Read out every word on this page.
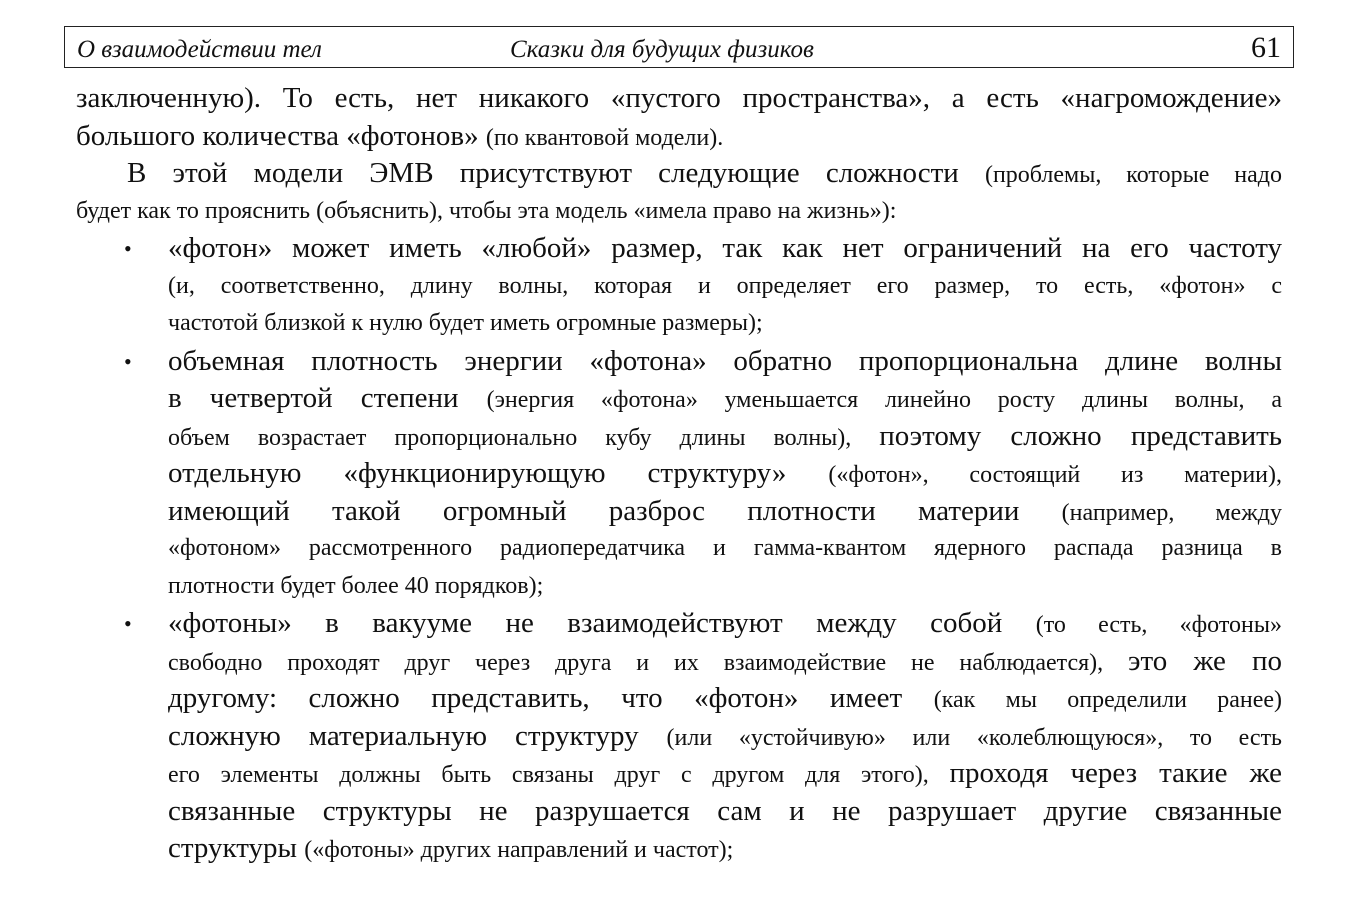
О взаимодействии тел	Сказки для будущих физиков	61
заключенную). То есть, нет никакого «пустого пространства», а есть «нагромождение»
большого количества «фотонов» (по квантовой модели).
В этой модели ЭМВ присутствуют следующие сложности (проблемы, которые надо
будет как то прояснить (объяснить), чтобы эта модель «имела право на жизнь»):
• «фотон» может иметь «любой» размер, так как нет ограничений на его частоту
(и, соответственно, длину волны, которая и определяет его размер, то есть, «фотон» с
частотой близкой к нулю будет иметь огромные размеры);
• объемная плотность энергии «фотона» обратно пропорциональна длине волны
в четвертой степени (энергия «фотона» уменьшается линейно росту длины волны, а
объем возрастает пропорционально кубу длины волны), поэтому сложно представить
отдельную «функционирующую структуру» («фотон», состоящий из материи),
имеющий такой огромный разброс плотности материи (например, между
«фотоном» рассмотренного радиопередатчика и гамма-квантом ядерного распада разница в
плотности будет более 40 порядков);
• «фотоны» в вакууме не взаимодействуют между собой (то есть, «фотоны»
свободно проходят друг через друга и их взаимодействие не наблюдается), это же по
другому: сложно представить, что «фотон» имеет (как мы определили ранее)
сложную материальную структуру (или «устойчивую» или «колеблющуюся», то есть
его элементы должны быть связаны друг с другом для этого), проходя через такие же
связанные структуры не разрушается сам и не разрушает другие связанные
структуры («фотоны» других направлений и частот);
